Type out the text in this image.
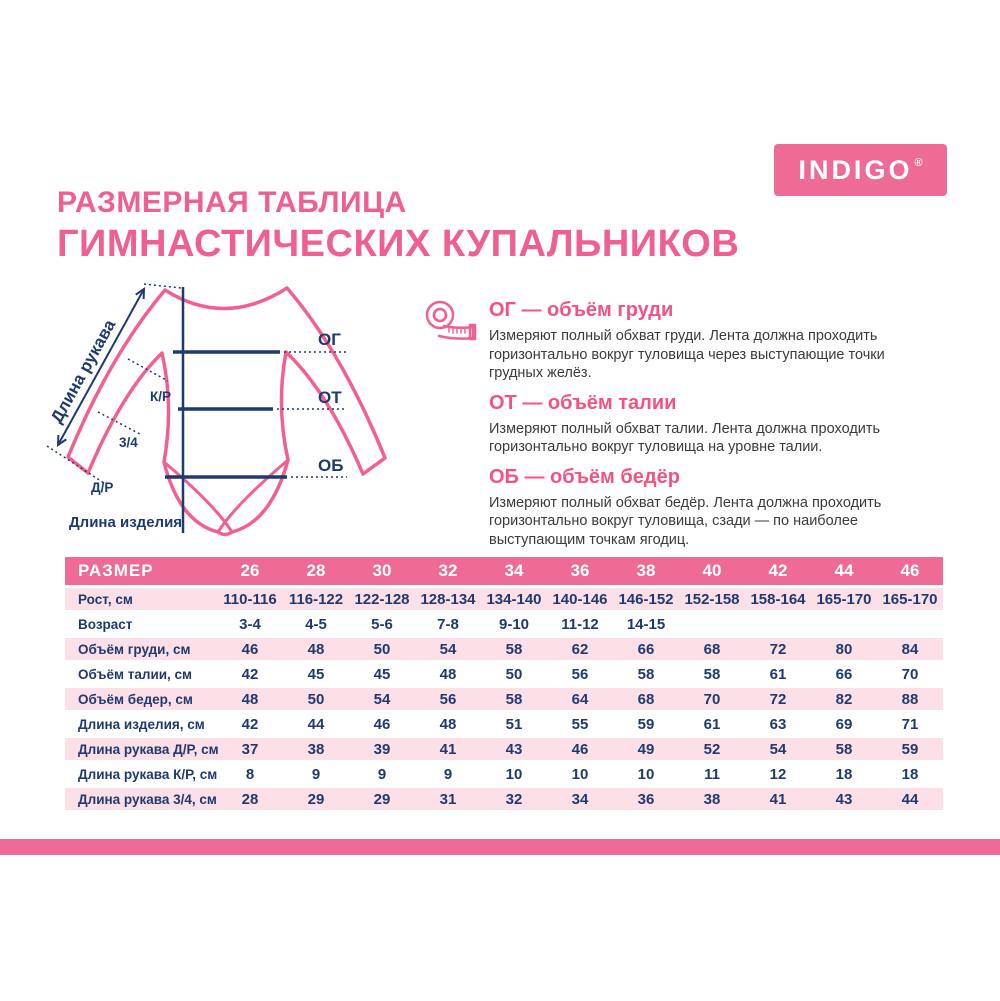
INDIGO®
РАЗМЕРНАЯ ТАБЛИЦА
ГИМНАСТИЧЕСКИХ КУПАЛЬНИКОВ
ОГ
ОТ
ОБ
Длина рукава К/Р
3/4
Д/Р
Длина изделия
ОГ — объём груди
Измеряют полный обхват груди. Лента должна проходить
горизонтально вокруг туловища через выступающие точки
грудных желёз.
ОТ — объём талии
Измеряют полный обхват талии. Лента должна проходить
горизонтально вокруг туловища на уровне талии.
ОБ — объём бедёр
Измеряют полный обхват бедёр. Лента должна проходить
горизонтально вокруг туловища, сзади — по наиболее
выступающим точкам ягодиц.
РАЗМЕР	26	28	30	32	34	36	38	40	42	44	46
Рост, см	110-116 116-122 122-128 128-134 134-140 140-146 146-152 152-158 158-164 165-170 165-170
Возраст	3-4	4-5	5-6	7-8	9-10	11-12	14-15
Объём груди, см	46	48	50	54	58	62	66	68	72	80	84
Объём талии, см	42	45	45	48	50	56	58	58	61	66	70
Объём бедер, см	48	50	54	56	58	64	68	70	72	82	88
Длина изделия, см	42	44	46	48	51	55	59	61	63	69	71
Длина рукава Д/Р, см	37	38	39	41	43	46	49	52	54	58	59
Длина рукава К/Р, см	8	9	9	9	10	10	10	11	12	18	18
Длина рукава 3/4, см	28	29	29	31	32	34	36	38	41	43	44
